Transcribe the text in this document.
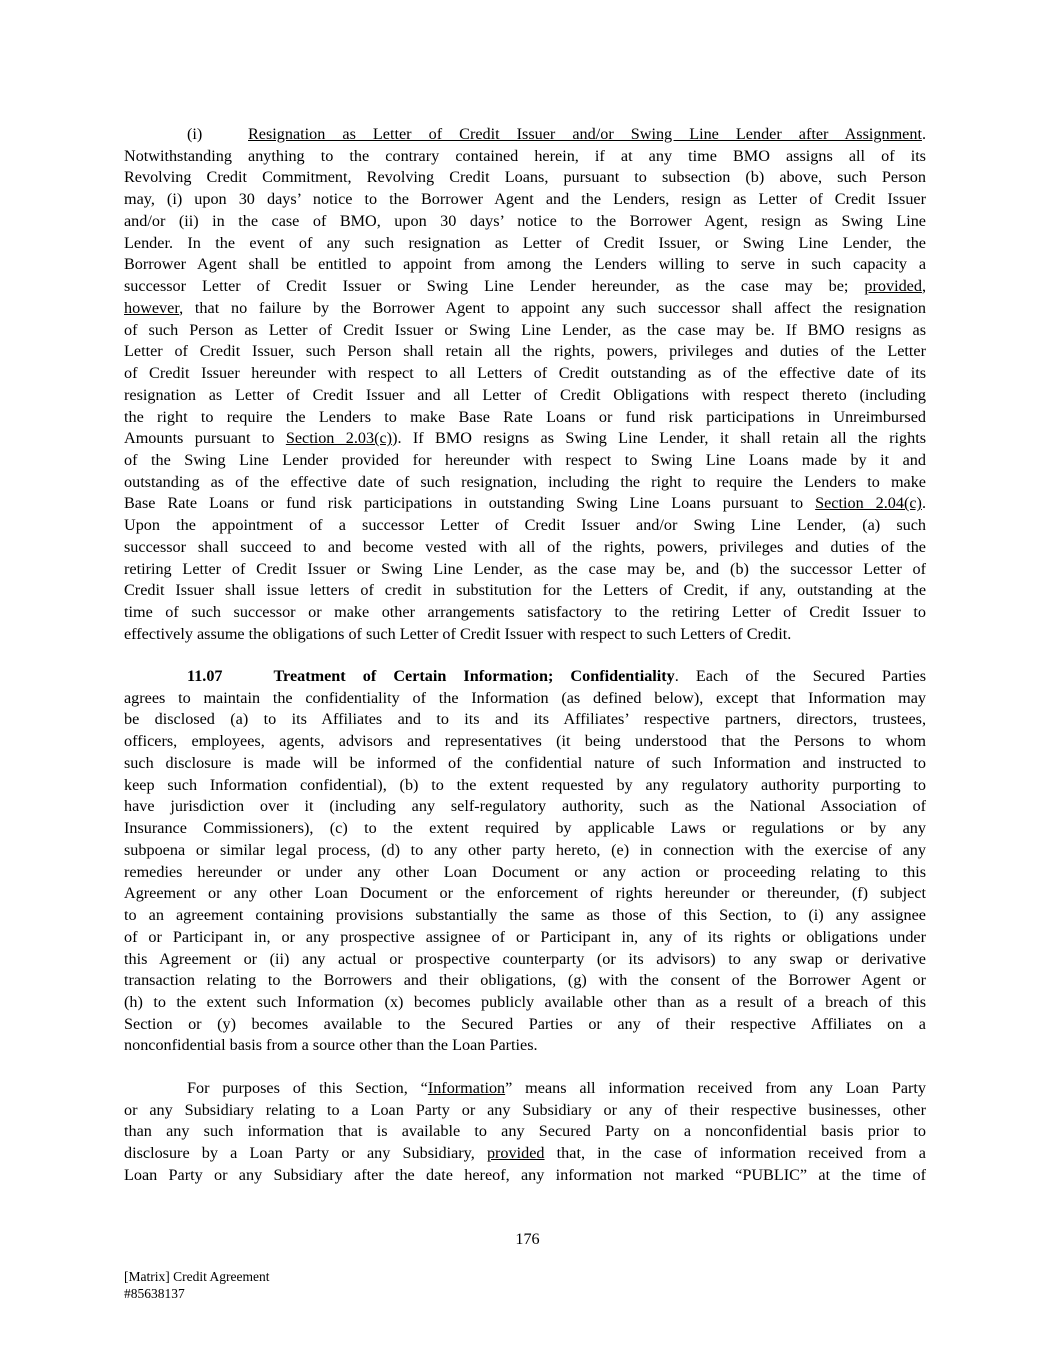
(i)	Resignation as Letter of Credit Issuer and/or Swing Line Lender after Assignment.
Notwithstanding anything to the contrary contained herein, if at any time BMO assigns all of its
Revolving Credit Commitment, Revolving Credit Loans, pursuant to subsection (b) above, such Person
may, (i) upon 30 days’ notice to the Borrower Agent and the Lenders, resign as Letter of Credit Issuer
and/or (ii) in the case of BMO, upon 30 days’ notice to the Borrower Agent, resign as Swing Line
Lender. In the event of any such resignation as Letter of Credit Issuer, or Swing Line Lender, the
Borrower Agent shall be entitled to appoint from among the Lenders willing to serve in such capacity a
successor Letter of Credit Issuer or Swing Line Lender hereunder, as the case may be; provided,
however, that no failure by the Borrower Agent to appoint any such successor shall affect the resignation
of such Person as Letter of Credit Issuer or Swing Line Lender, as the case may be. If BMO resigns as
Letter of Credit Issuer, such Person shall retain all the rights, powers, privileges and duties of the Letter
of Credit Issuer hereunder with respect to all Letters of Credit outstanding as of the effective date of its
resignation as Letter of Credit Issuer and all Letter of Credit Obligations with respect thereto (including
the right to require the Lenders to make Base Rate Loans or fund risk participations in Unreimbursed
Amounts pursuant to Section 2.03(c)). If BMO resigns as Swing Line Lender, it shall retain all the rights
of the Swing Line Lender provided for hereunder with respect to Swing Line Loans made by it and
outstanding as of the effective date of such resignation, including the right to require the Lenders to make
Base Rate Loans or fund risk participations in outstanding Swing Line Loans pursuant to Section 2.04(c).
Upon the appointment of a successor Letter of Credit Issuer and/or Swing Line Lender, (a) such
successor shall succeed to and become vested with all of the rights, powers, privileges and duties of the
retiring Letter of Credit Issuer or Swing Line Lender, as the case may be, and (b) the successor Letter of
Credit Issuer shall issue letters of credit in substitution for the Letters of Credit, if any, outstanding at the
time of such successor or make other arrangements satisfactory to the retiring Letter of Credit Issuer to
effectively assume the obligations of such Letter of Credit Issuer with respect to such Letters of Credit.
11.07   Treatment of Certain Information; Confidentiality. Each of the Secured Parties
agrees to maintain the confidentiality of the Information (as defined below), except that Information may
be disclosed (a) to its Affiliates and to its and its Affiliates’ respective partners, directors, trustees,
officers, employees, agents, advisors and representatives (it being understood that the Persons to whom
such disclosure is made will be informed of the confidential nature of such Information and instructed to
keep such Information confidential), (b) to the extent requested by any regulatory authority purporting to
have jurisdiction over it (including any self-regulatory authority, such as the National Association of
Insurance Commissioners), (c) to the extent required by applicable Laws or regulations or by any
subpoena or similar legal process, (d) to any other party hereto, (e) in connection with the exercise of any
remedies hereunder or under any other Loan Document or any action or proceeding relating to this
Agreement or any other Loan Document or the enforcement of rights hereunder or thereunder, (f) subject
to an agreement containing provisions substantially the same as those of this Section, to (i) any assignee
of or Participant in, or any prospective assignee of or Participant in, any of its rights or obligations under
this Agreement or (ii) any actual or prospective counterparty (or its advisors) to any swap or derivative
transaction relating to the Borrowers and their obligations, (g) with the consent of the Borrower Agent or
(h) to the extent such Information (x) becomes publicly available other than as a result of a breach of this
Section or (y) becomes available to the Secured Parties or any of their respective Affiliates on a
nonconfidential basis from a source other than the Loan Parties.
For purposes of this Section, “Information” means all information received from any Loan Party
or any Subsidiary relating to a Loan Party or any Subsidiary or any of their respective businesses, other
than any such information that is available to any Secured Party on a nonconfidential basis prior to
disclosure by a Loan Party or any Subsidiary, provided that, in the case of information received from a
Loan Party or any Subsidiary after the date hereof, any information not marked “PUBLIC” at the time of
176
[Matrix] Credit Agreement
#85638137
